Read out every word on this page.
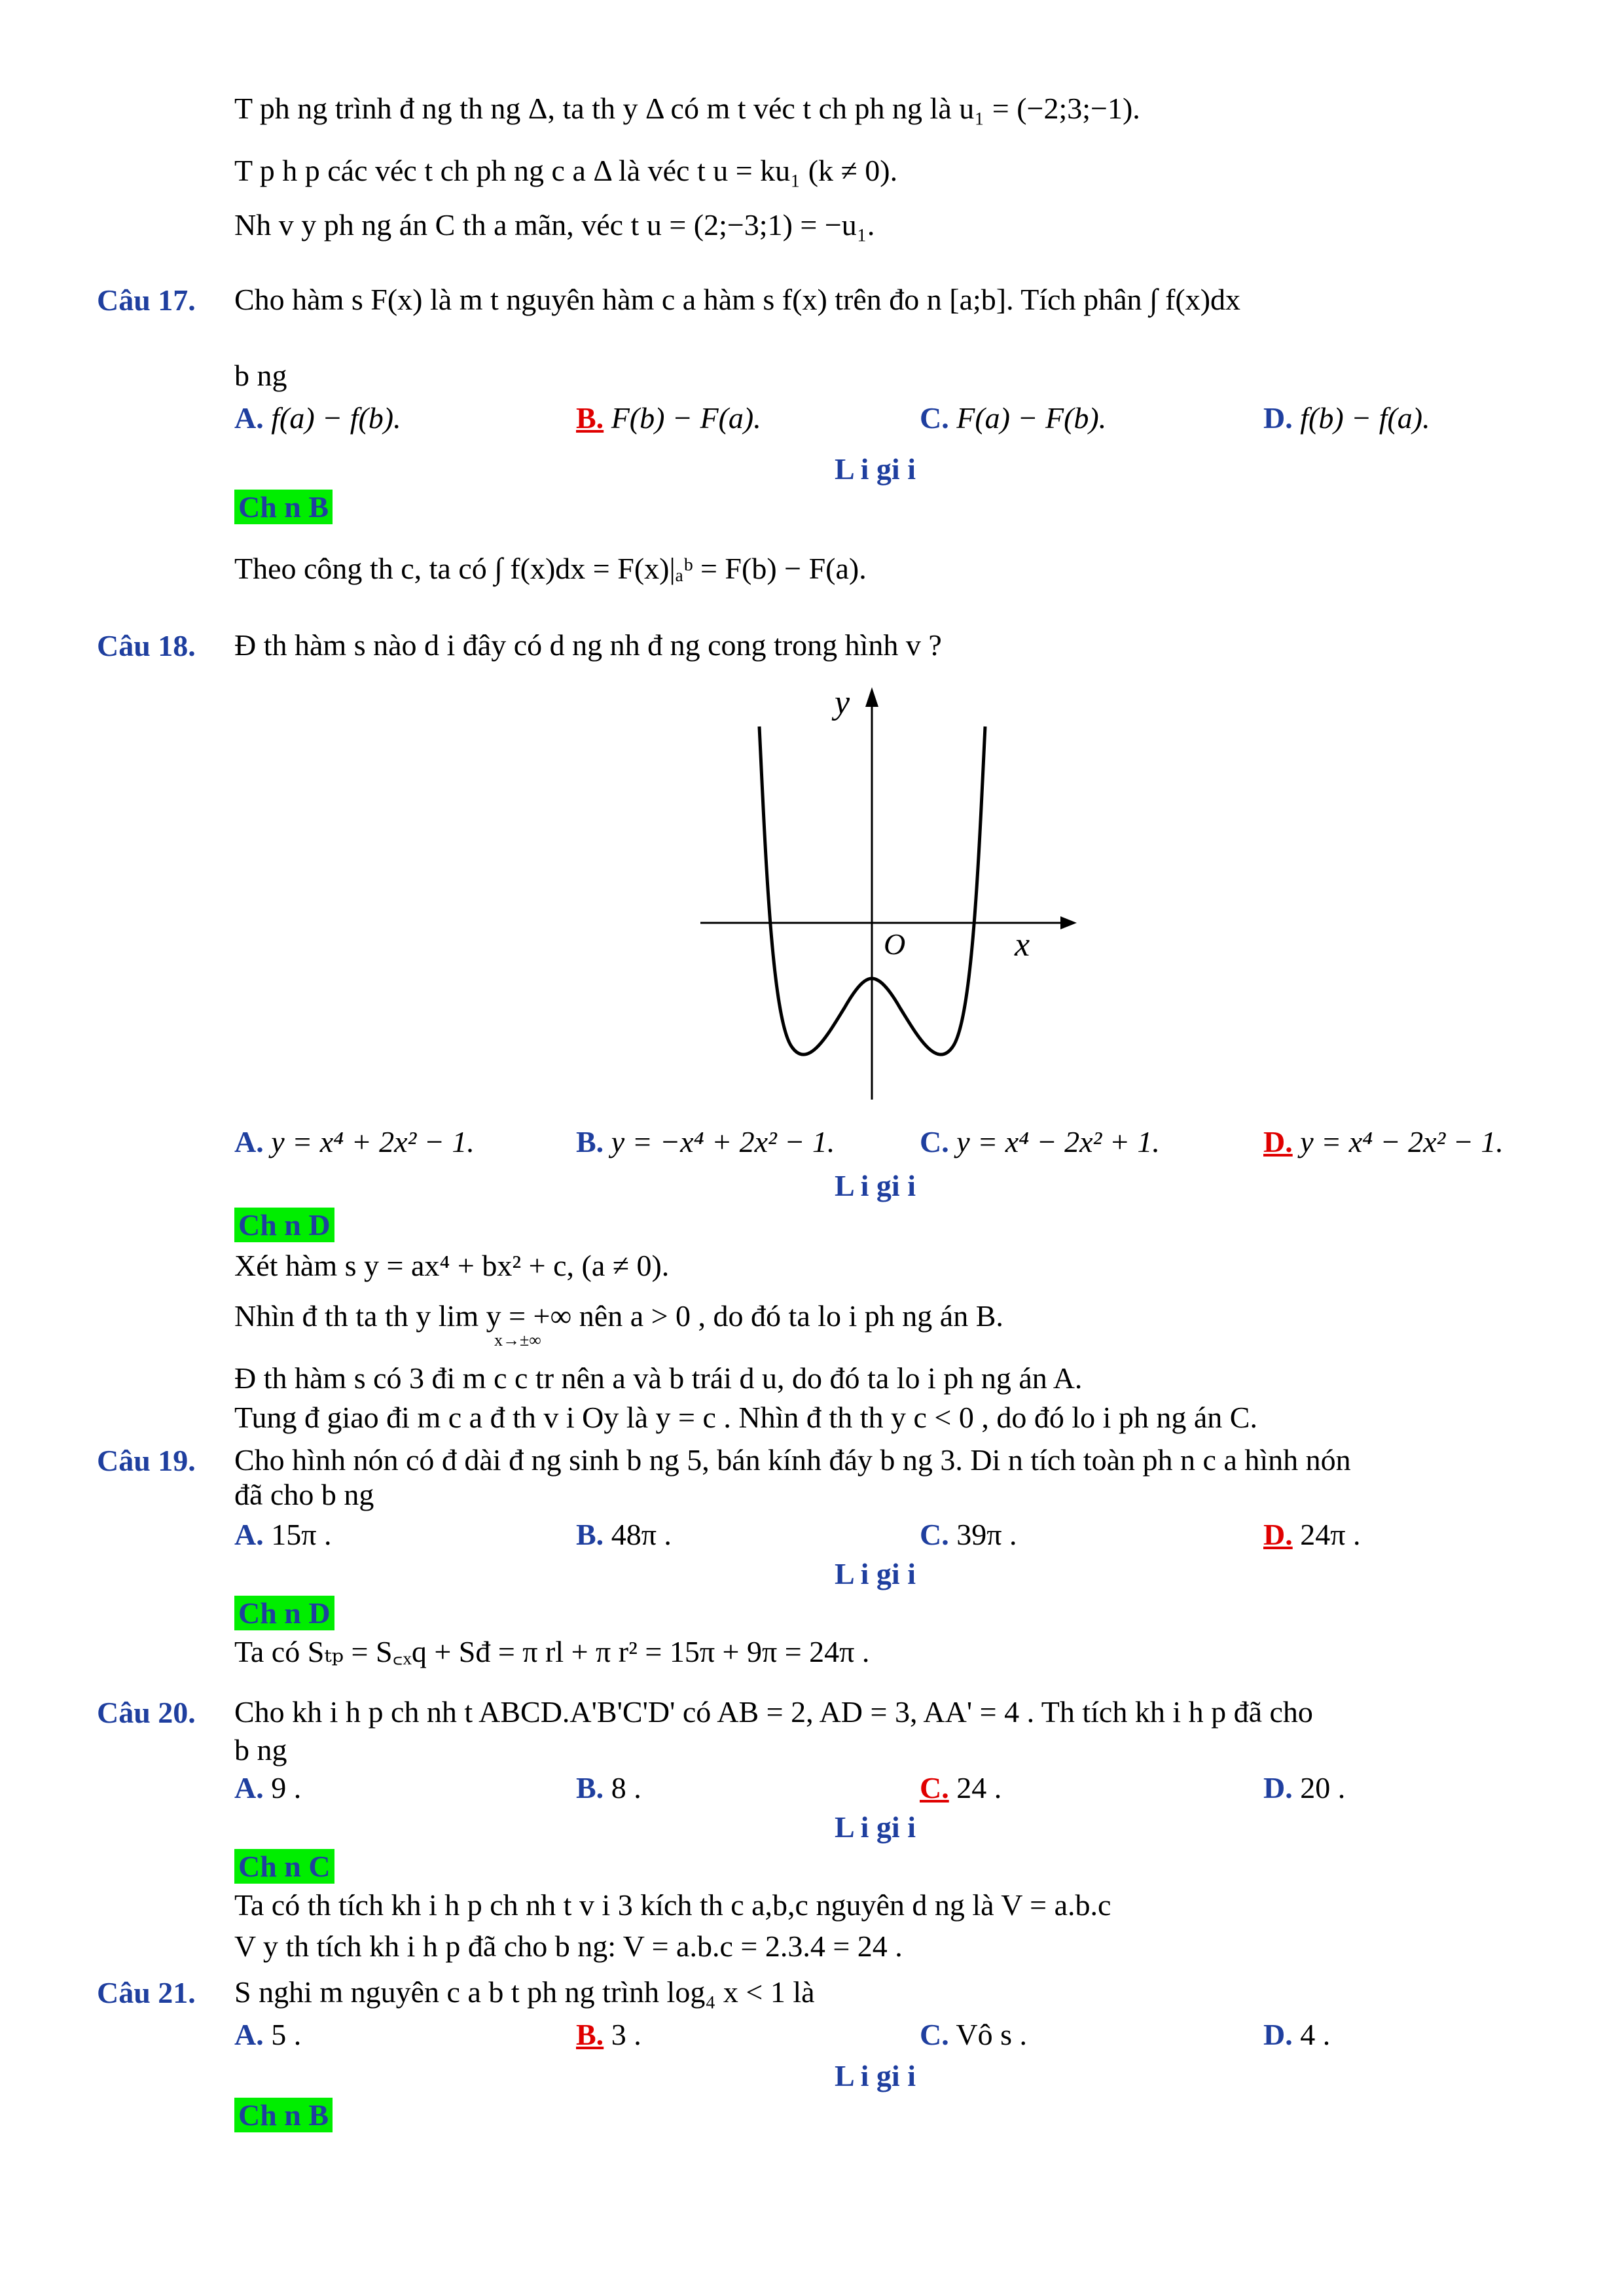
T ph ng trình đ ng th ng Δ, ta th y Δ có m t véc t ch ph ng là u₁ = (−2;3;−1).
T p h p các véc t ch ph ng c a Δ là véc t u = ku₁ (k ≠ 0).
Nh v y ph ng án C th a mãn, véc t u = (2;−3;1) = −u₁.
Câu 17. Cho hàm s F(x) là m t nguyên hàm c a hàm s f(x) trên đo n [a;b]. Tích phân ∫ f(x)dx
b ng
A. f(a) − f(b).	B. F(b) − F(a).	C. F(a) − F(b).	D. f(b) − f(a).
L i gi i
Ch n B
Theo công th c, ta có ∫ f(x)dx = F(x)|ₐᵇ = F(b) − F(a).
Câu 18. Đ th hàm s nào d i đây có d ng nh đ ng cong trong hình v ?
y
x
O
A. y = x⁴ + 2x² − 1.	B. y = −x⁴ + 2x² − 1.	C. y = x⁴ − 2x² + 1.	D. y = x⁴ − 2x² − 1.
L i gi i
Ch n D
Xét hàm s y = ax⁴ + bx² + c, (a ≠ 0).
Nhìn đ th ta th y lim y = +∞ nên a > 0 , do đó ta lo i ph ng án B.
x→±∞
Đ th hàm s có 3 đi m c c tr nên a và b trái d u, do đó ta lo i ph ng án A.
Tung đ giao đi m c a đ th v i Oy là y = c . Nhìn đ th th y c < 0 , do đó lo i ph ng án C.
Câu 19. Cho hình nón có đ dài đ ng sinh b ng 5, bán kính đáy b ng 3. Di n tích toàn ph n c a hình nón
đã cho b ng
A. 15π .	B. 48π .	C. 39π .	D. 24π .
L i gi i
Ch n D
Ta có Sₜₚ = S꜀ₓq + Sđ = π rl + π r² = 15π + 9π = 24π .
Câu 20. Cho kh i h p ch nh t ABCD.A'B'C'D' có AB = 2, AD = 3, AA' = 4 . Th tích kh i h p đã cho
b ng
A. 9 .	B. 8 .	C. 24 .	D. 20 .
L i gi i
Ch n C
Ta có th tích kh i h p ch nh t v i 3 kích th c a,b,c nguyên d ng là V = a.b.c
V y th tích kh i h p đã cho b ng: V = a.b.c = 2.3.4 = 24 .
Câu 21. S nghi m nguyên c a b t ph ng trình log₄ x < 1 là
A. 5 .	B. 3 .	C. Vô s .	D. 4 .
L i gi i
Ch n B
